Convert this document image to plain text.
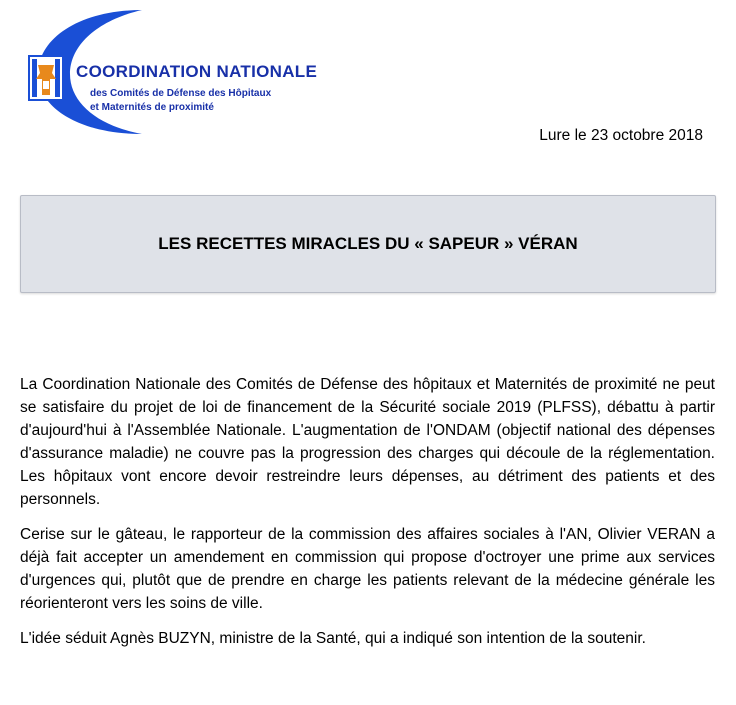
COORDINATION NATIONALE
des Comités de Défense des Hôpitaux
et Maternités de proximité
Lure le 23 octobre 2018
LES RECETTES MIRACLES DU « SAPEUR » VÉRAN

La Coordination Nationale des Comités de Défense des hôpitaux et Maternités de proximité ne peut se satisfaire du projet de loi de financement de la Sécurité sociale 2019 (PLFSS), débattu à partir d'aujourd'hui à l'Assemblée Nationale. L'augmentation de l'ONDAM (objectif national des dépenses d'assurance maladie) ne couvre pas la progression des charges qui découle de la réglementation. Les hôpitaux vont encore devoir restreindre leurs dépenses, au détriment des patients et des personnels.

Cerise sur le gâteau, le rapporteur de la commission des affaires sociales à l'AN, Olivier VERAN a déjà fait accepter un amendement en commission qui propose d'octroyer une prime aux services d'urgences qui, plutôt que de prendre en charge les patients relevant de la médecine générale les réorienteront vers les soins de ville.

L'idée séduit Agnès BUZYN, ministre de la Santé, qui a indiqué son intention de la soutenir.
